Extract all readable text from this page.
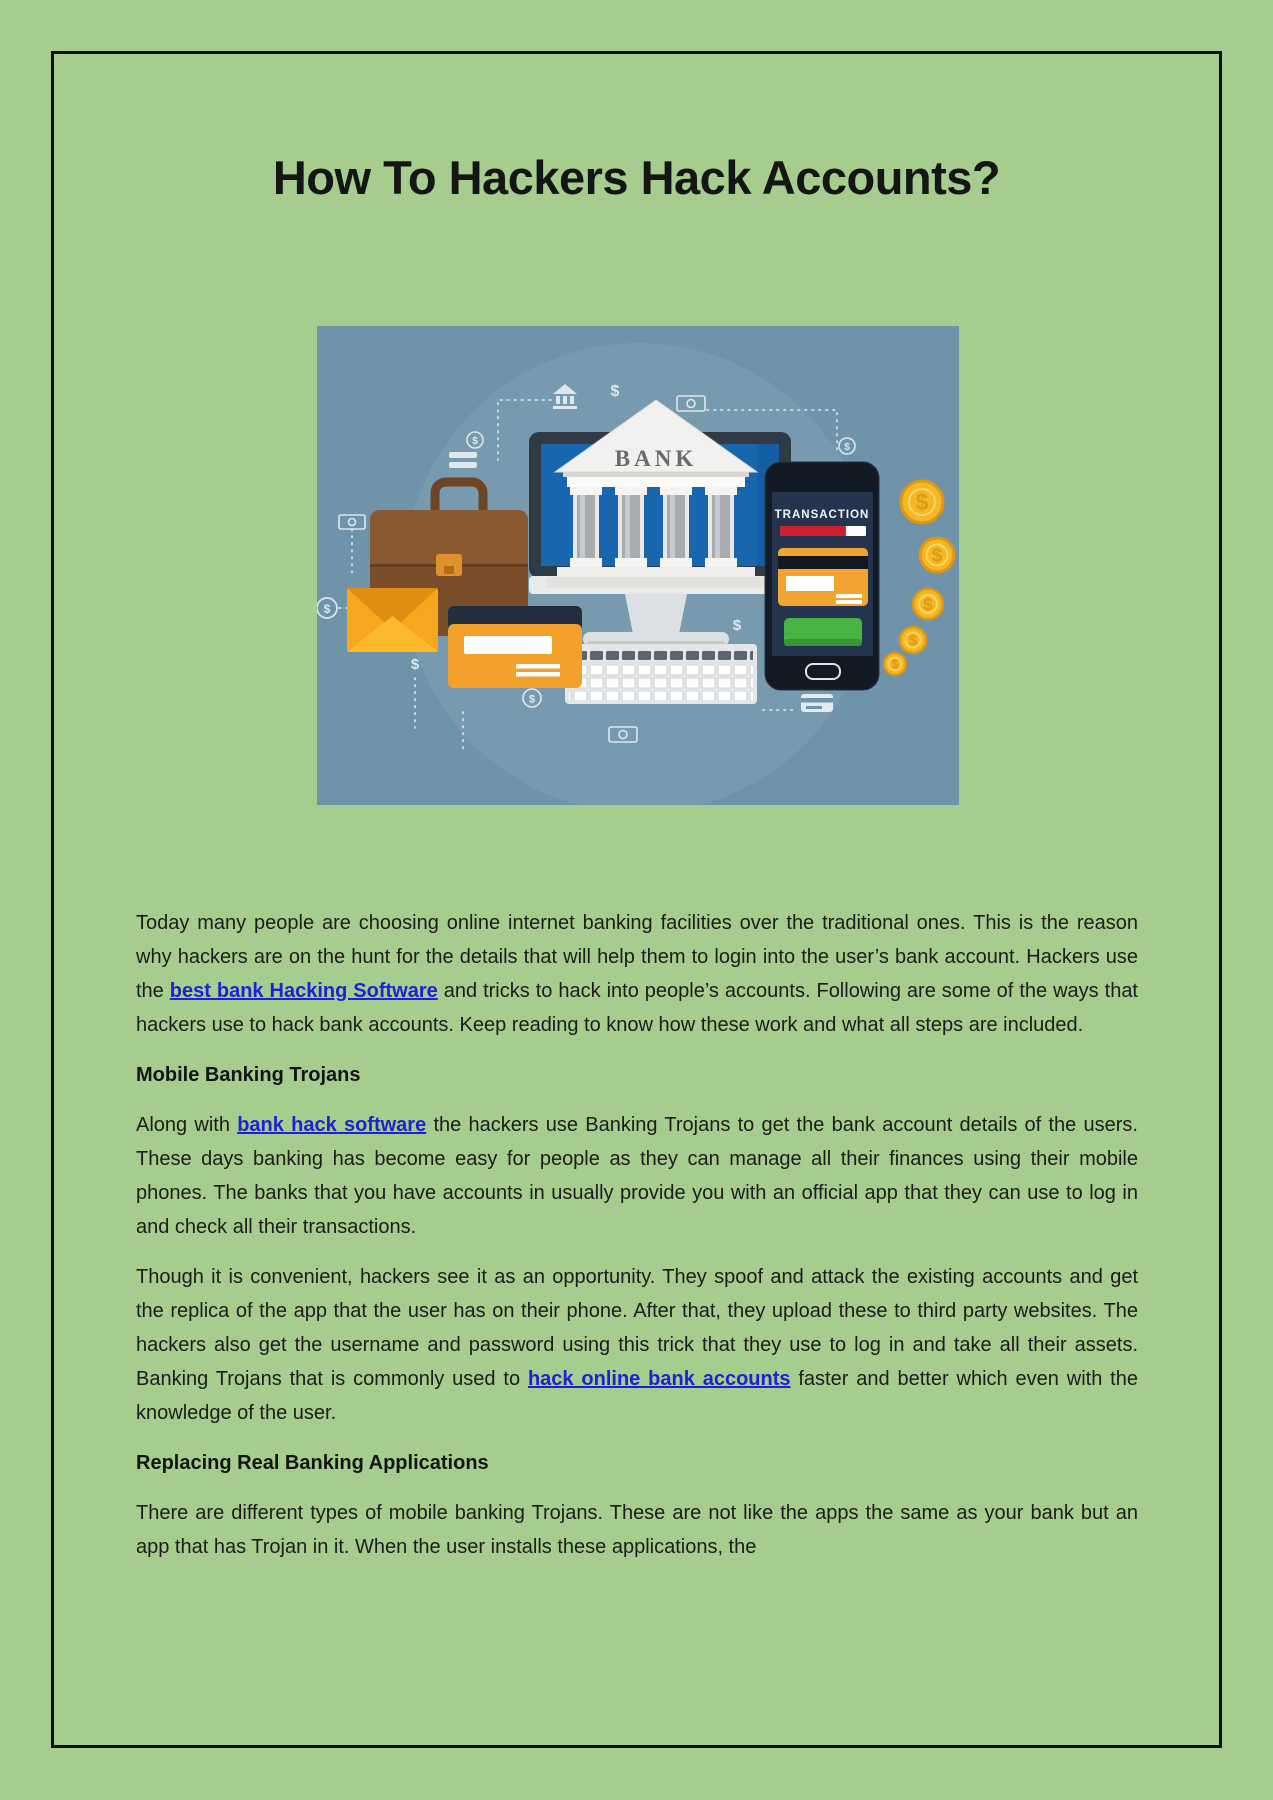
How To Hackers Hack Accounts?
$
$
$
$
$
$
$
BANK
TRANSACTION $
$
$
$
$

Today many people are choosing online internet banking facilities over the traditional ones. This is the reason why hackers are on the hunt for the details that will help them to login into the user’s bank account. Hackers use the best bank Hacking Software and tricks to hack into people’s accounts. Following are some of the ways that hackers use to hack bank accounts. Keep reading to know how these work and what all steps are included.

Mobile Banking Trojans

Along with bank hack software the hackers use Banking Trojans to get the bank account details of the users. These days banking has become easy for people as they can manage all their finances using their mobile phones. The banks that you have accounts in usually provide you with an official app that they can use to log in and check all their transactions.

Though it is convenient, hackers see it as an opportunity. They spoof and attack the existing accounts and get the replica of the app that the user has on their phone. After that, they upload these to third party websites. The hackers also get the username and password using this trick that they use to log in and take all their assets. Banking Trojans that is commonly used to hack online bank accounts faster and better which even with the knowledge of the user.

Replacing Real Banking Applications

There are different types of mobile banking Trojans. These are not like the apps the same as your bank but an app that has Trojan in it. When the user installs these applications, the
